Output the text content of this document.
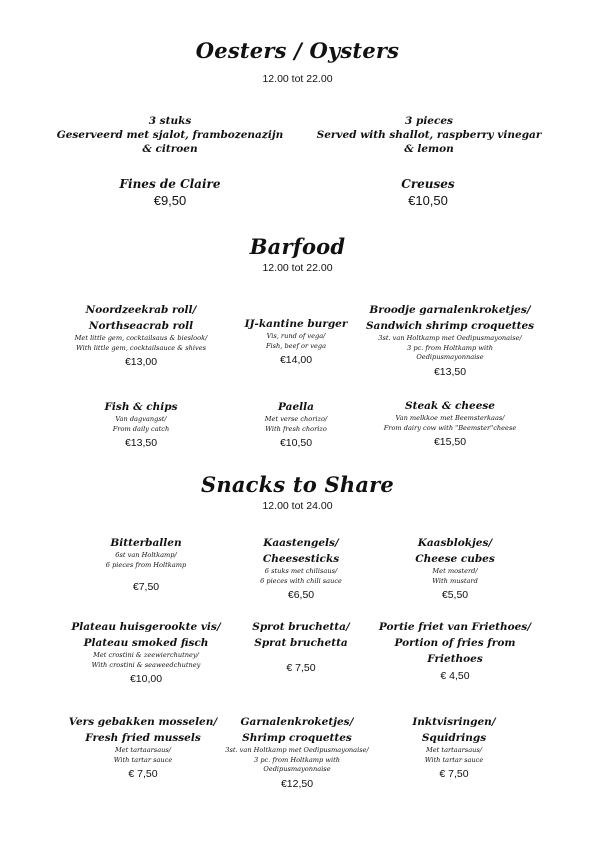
Oesters / Oysters
12.00 tot 22.00
3 stuks
Geserveerd met sjalot, frambozenazijn
& citroen
3 pieces
Served with shallot, raspberry vinegar
& lemon
Fines de Claire
€9,50
Creuses
€10,50
Barfood
12.00 tot 22.00
Noordzeekrab roll/
Northseacrab roll
Met little gem, cocktailsaus & bieslook/
With little gem, cocktailsauce & shives
€13,00
IJ-kantine burger
Vis, rund of vega/
Fish, beef or vega
€14,00
Broodje garnalenkroketjes/
Sandwich shrimp croquettes
3st. van Holtkamp met Oedipusmayonaise/
3 pc. from Holtkamp with
Oedipusmayonnaise
€13,50
Fish & chips
Van dagvangst/
From daily catch
€13,50
Paella
Met verse chorizo/
With fresh chorizo
€10,50
Steak & cheese
Van melkkoe met Beemsterkaas/
From dairy cow with "Beemster"cheese
€15,50
Snacks to Share
12.00 tot 24.00
Bitterballen
6st van Holtkamp/
6 pieces from Holtkamp
€7,50
Kaastengels/
Cheesesticks
6 stuks met chilisaus/
6 pieces with chili sauce
€6,50
Kaasblokjes/
Cheese cubes
Met mosterd/
With mustard
€5,50
Plateau huisgerookte vis/
Plateau smoked fisch
Met crostini & zeewierchutney/
With crostini & seaweedchutney
€10,00
Sprot bruchetta/
Sprat bruchetta
€ 7,50
Portie friet van Friethoes/
Portion of fries from
Friethoes
€ 4,50
Vers gebakken mosselen/
Fresh fried mussels
Met tartaarsaus/
With tartar sauce
€ 7,50
Garnalenkroketjes/
Shrimp croquettes
3st. van Holtkamp met Oedipusmayonaise/
3 pc. from Holtkamp with
Oedipusmayonnaise
€12,50
Inktvisringen/
Squidrings
Met tartaarsaus/
With tartar sauce
€ 7,50
